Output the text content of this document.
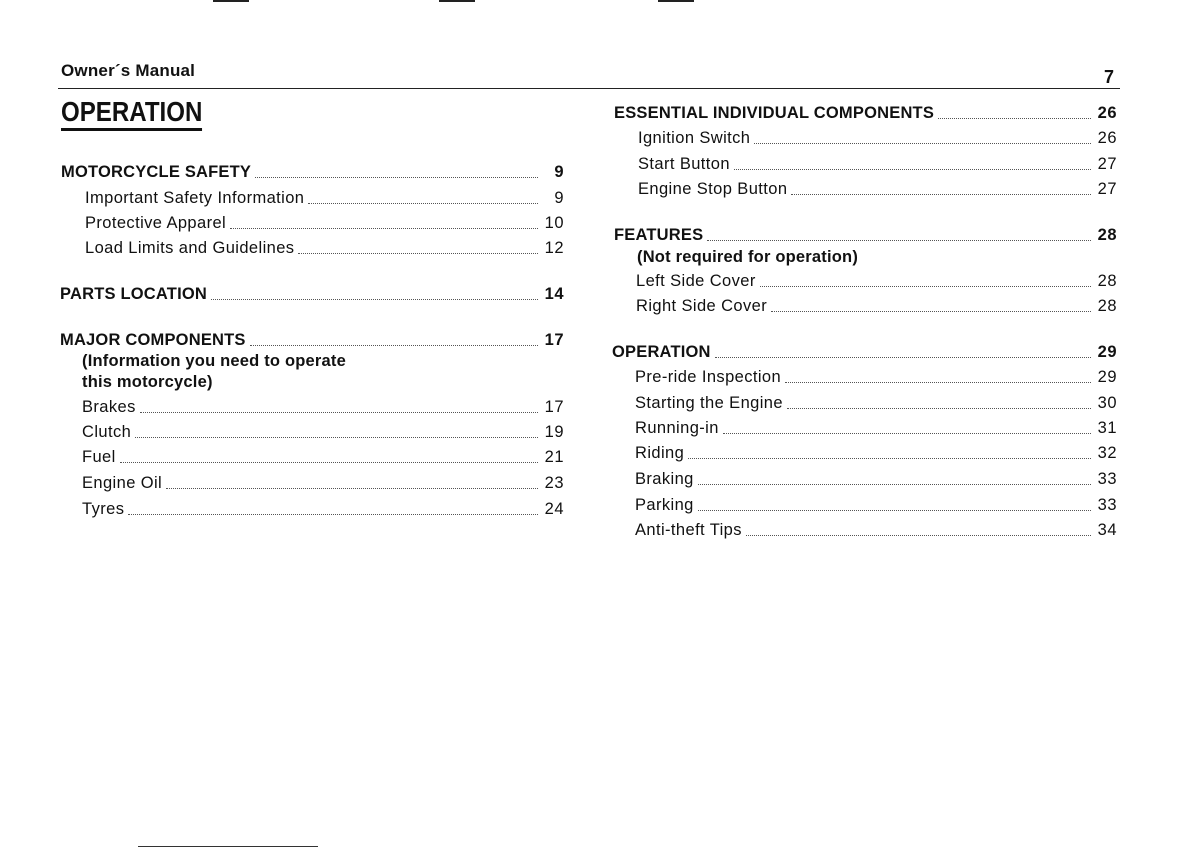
Owner´s Manual	7
OPERATION
MOTORCYCLE SAFETY	9
Important Safety Information	9
Protective Apparel	10
Load Limits and Guidelines	12
PARTS LOCATION	14
MAJOR COMPONENTS	17
(Information you need to operate
this motorcycle)
Brakes	17
Clutch	19
Fuel	21
Engine Oil	23
Tyres	24
ESSENTIAL INDIVIDUAL COMPONENTS	26
Ignition Switch	26
Start Button	27
Engine Stop Button	27
FEATURES	28
(Not required for operation)
Left Side Cover	28
Right Side Cover	28
OPERATION	29
Pre-ride Inspection	29
Starting the Engine	30
Running-in	31
Riding	32
Braking	33
Parking	33
Anti-theft Tips	34
